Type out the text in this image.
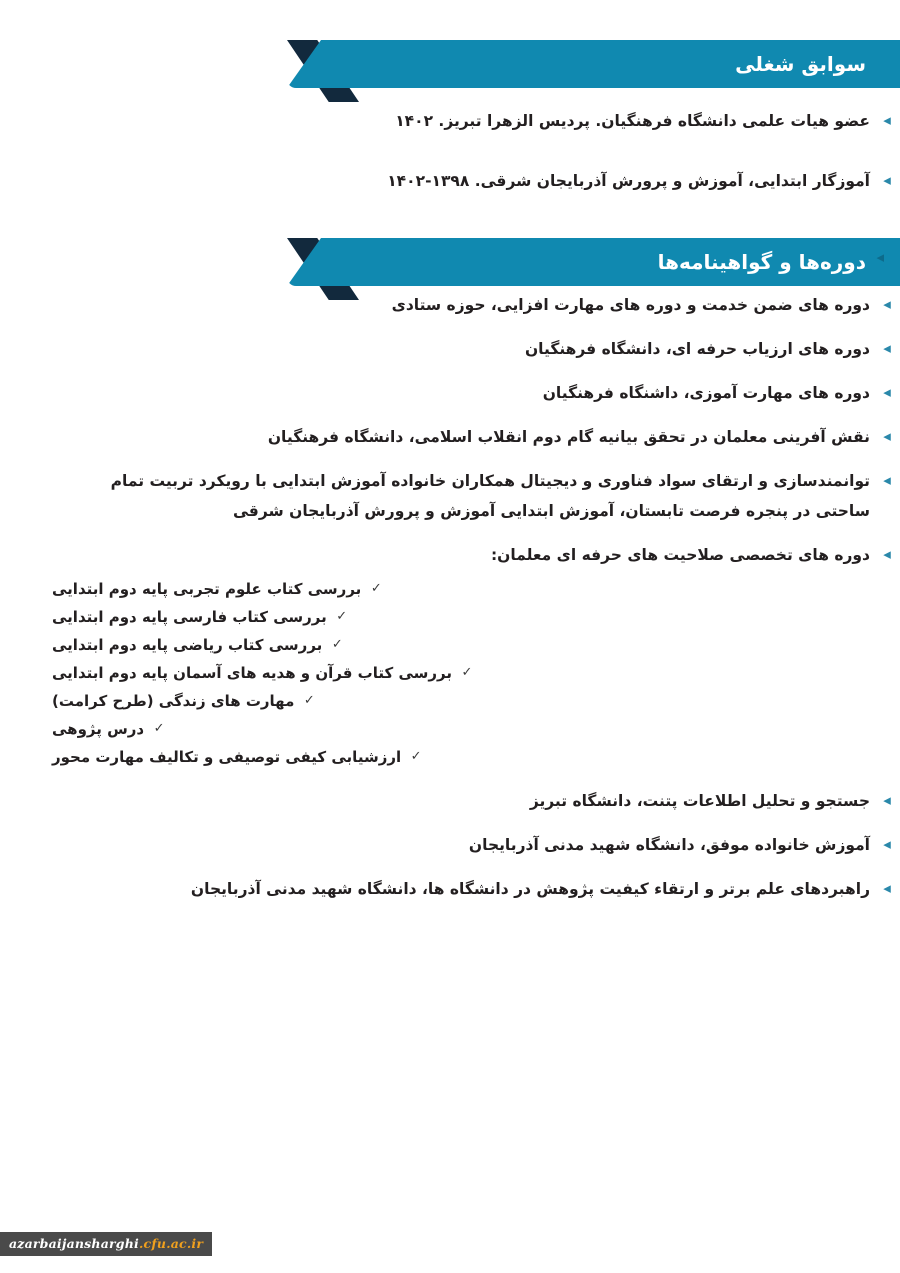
سوابق شغلی
◂
عضو هیات علمی دانشگاه فرهنگیان. پردیس الزهرا تبریز. ۱۴۰۲
◂
آموزگار ابتدایی، آموزش و پرورش آذربایجان شرقی. ۱۳۹۸-۱۴۰۲
دوره‌ها و گواهینامه‌ها ◂
◂
دوره های ضمن خدمت و دوره های مهارت افزایی، حوزه ستادی
◂
دوره های ارزیاب حرفه ای، دانشگاه فرهنگیان
◂
دوره های مهارت آموزی، داشنگاه فرهنگیان
◂
نقش آفرینی معلمان در تحقق بیانیه گام دوم انقلاب اسلامی، دانشگاه فرهنگیان
◂
توانمندسازی و ارتقای سواد فناوری و دیجیتال همکاران خانواده آموزش ابتدایی با رویکرد تربیت تمام ساحتی در پنجره فرصت تابستان، آموزش ابتدایی آموزش و پرورش آذربایجان شرقی
◂
دوره های تخصصی صلاحیت های حرفه ای معلمان:
✓
بررسی کتاب علوم تجربی پایه دوم ابتدایی
✓
بررسی کتاب فارسی پایه دوم ابتدایی
✓
بررسی کتاب ریاضی پایه دوم ابتدایی
✓
بررسی کتاب قرآن و هدیه های آسمان پایه دوم ابتدایی
✓
مهارت های زندگی (طرح کرامت)
✓
درس پژوهی
✓
ارزشیابی کیفی توصیفی و تکالیف مهارت محور
◂
جستجو و تحلیل اطلاعات پتنت، دانشگاه تبریز
◂
آموزش خانواده موفق، دانشگاه شهید مدنی آذربایجان
◂
راهبردهای علم برتر و ارتقاء کیفیت پژوهش در دانشگاه ها، دانشگاه شهید مدنی آذربایجان
azarbaijansharghi.cfu.ac.ir
